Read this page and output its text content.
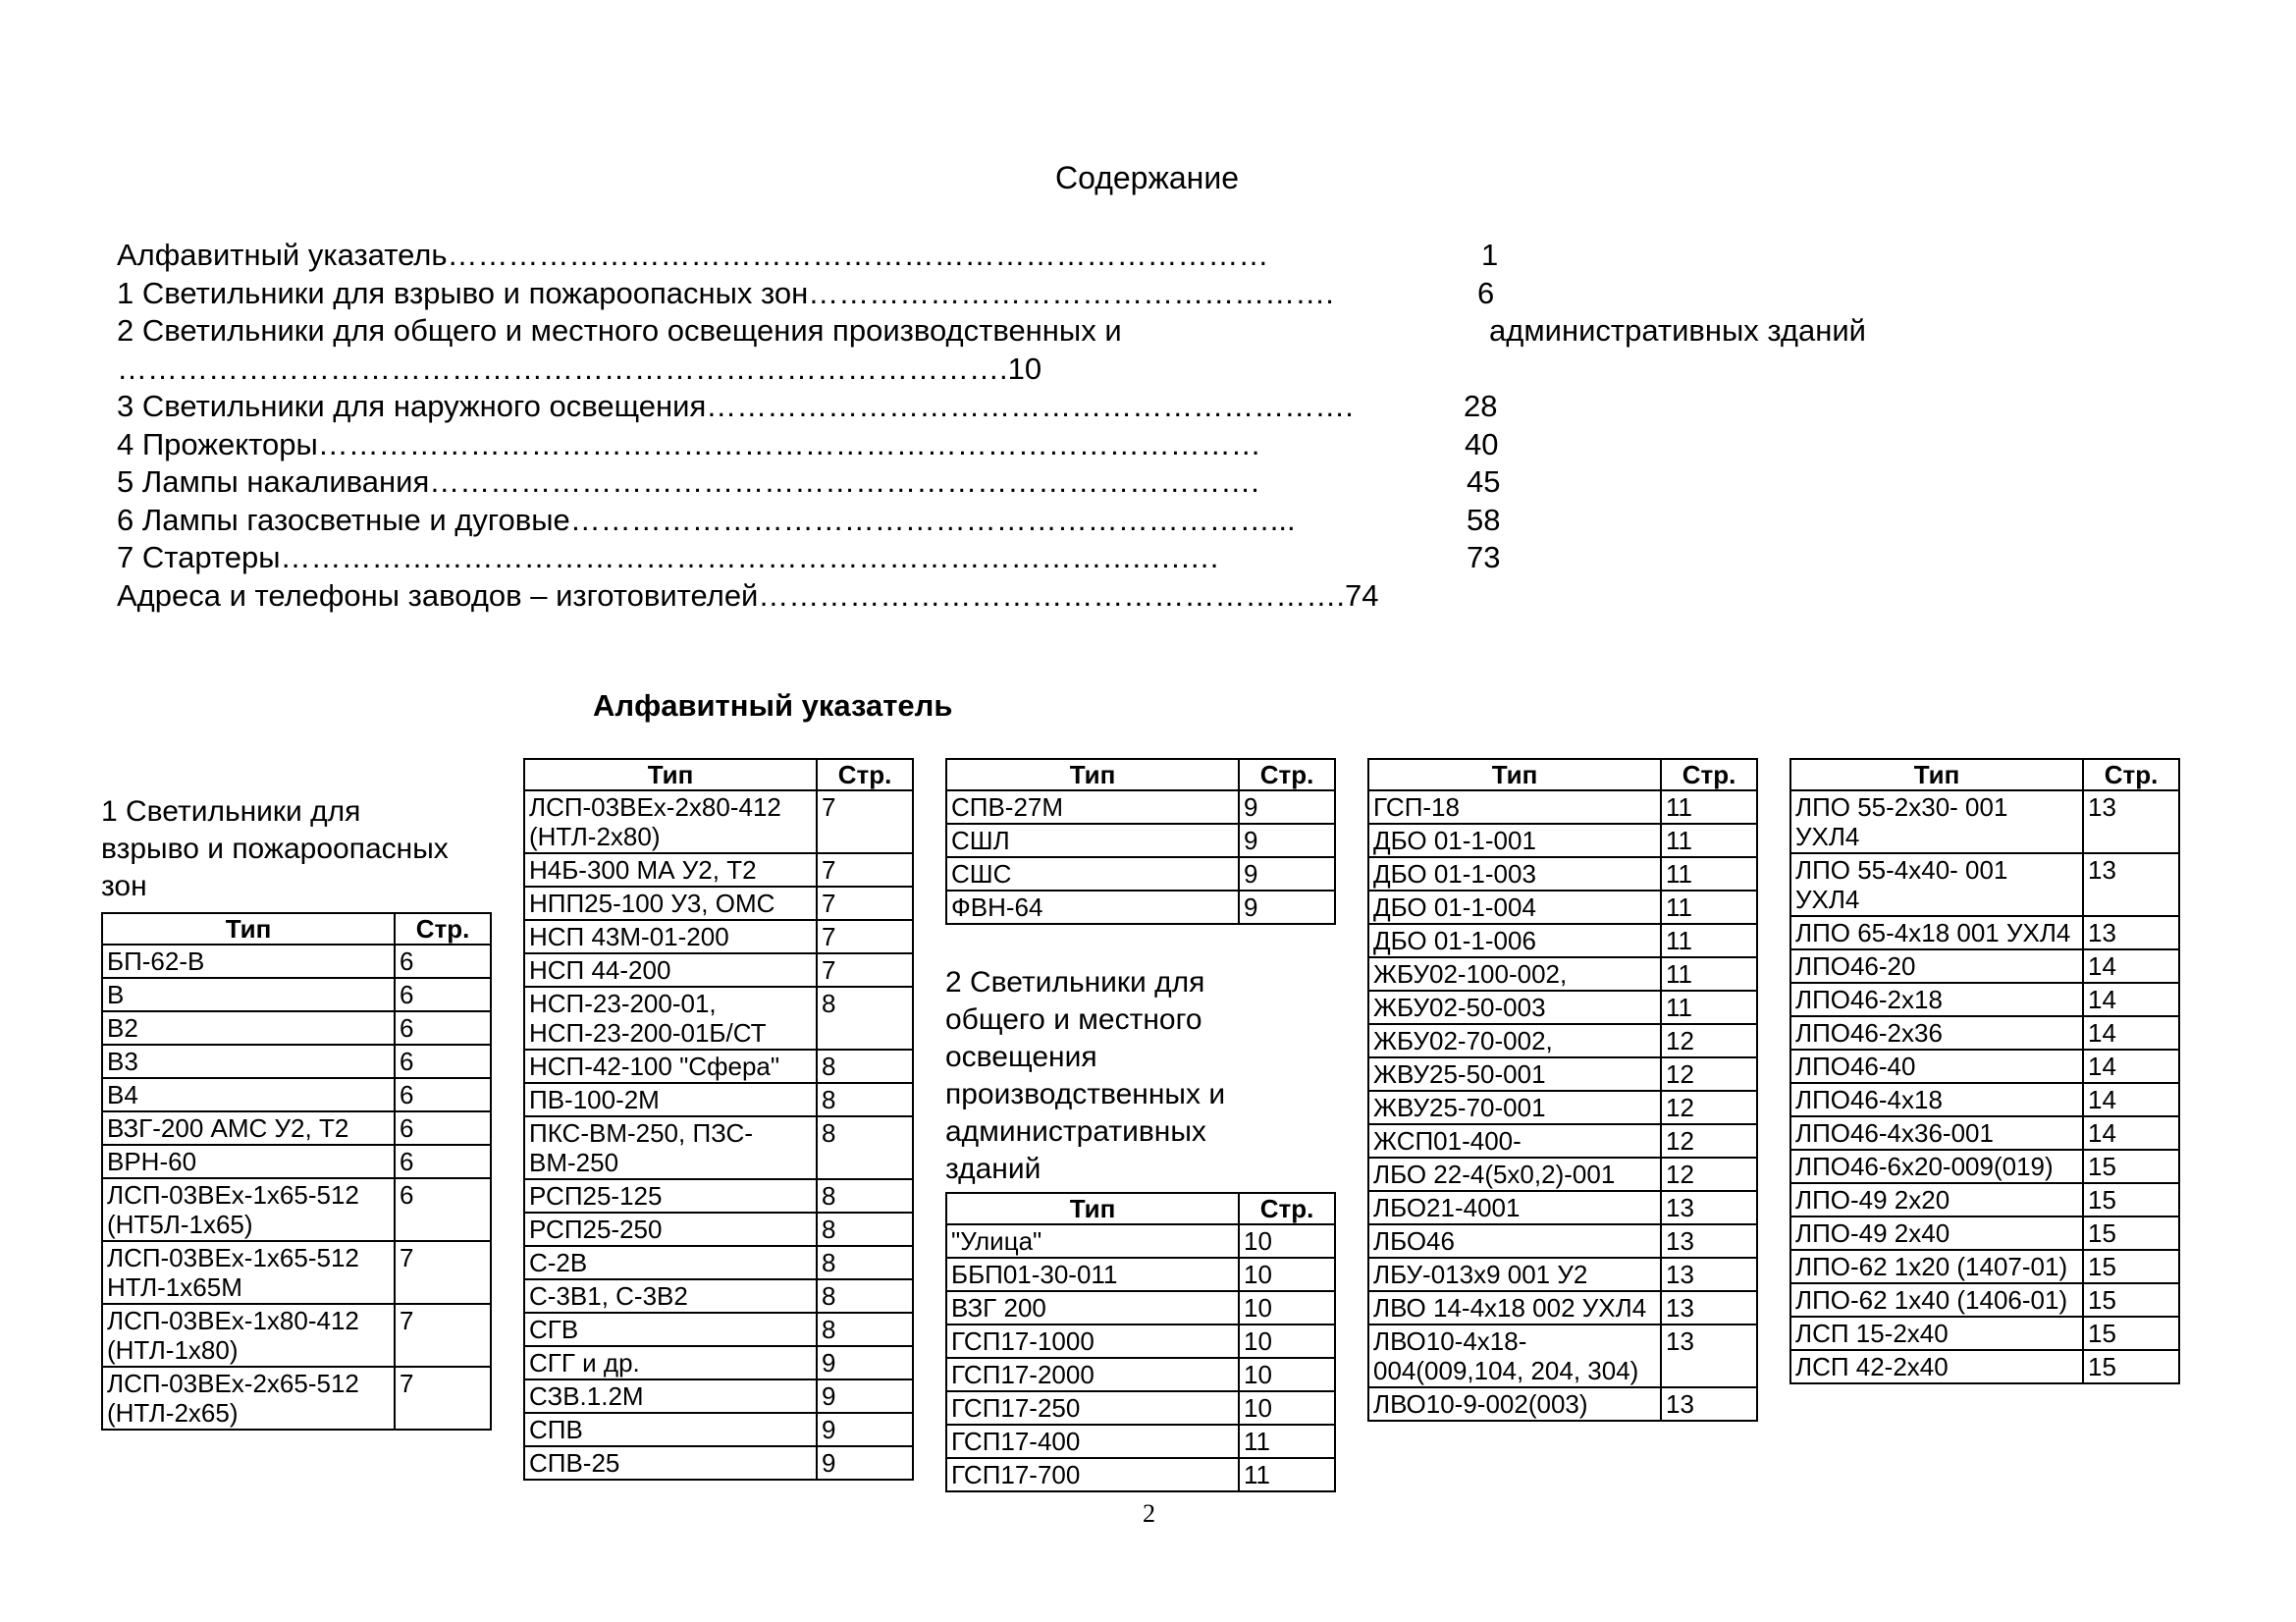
Содержание
Алфавитный указатель………………………………………………………………………	1
1 Светильники для взрыво и пожароопасных зон…………………………………………….	6
2 Светильники для общего и местного освещения производственных и	административных зданий
…………………………………………………………………………….10
3 Светильники для наружного освещения……………………………………………………….	28
4 Прожекторы…………………………………………………………………………………	40
5 Лампы накаливания……………………………………………………………………….	45
6 Лампы газосветные и дуговые……………………………………………………………...	58
7 Стартеры………………………………………………………………………….….….	73
Адреса и телефоны заводов – изготовителей………………………………………………….74
Алфавитный указатель
1 Светильники для взрыво и пожароопасных зон
2 Светильники для общего и местного освещения производственных и административных зданий
Тип	Стр.
БП-62-В	6
В	6
В2	6
В3	6
В4	6
ВЗГ-200 АМС У2, Т2	6
ВРН-60	6
ЛСП-03ВЕх-1х65-512 (НТ5Л-1х65)	6
ЛСП-03ВЕх-1х65-512 НТЛ-1х65М	7
ЛСП-03ВЕх-1х80-412 (НТЛ-1х80)	7
ЛСП-03ВЕх-2х65-512 (НТЛ-2х65)	7
Тип	Стр.
ЛСП-03ВЕх-2х80-412 (НТЛ-2х80)	7
Н4Б-300 МА У2, Т2	7
НПП25-100 У3, ОМС	7
НСП 43М-01-200	7
НСП 44-200	7
НСП-23-200-01, НСП-23-200-01Б/СТ	8
НСП-42-100 "Сфера"	8
ПВ-100-2М	8
ПКС-ВМ-250, ПЗС-ВМ-250	8
РСП25-125	8
РСП25-250	8
С-2В	8
С-3В1, С-3В2	8
СГВ	8
СГГ и др.	9
СЗВ.1.2М	9
СПВ	9
СПВ-25	9
Тип	Стр.
СПВ-27М	9
СШЛ	9
СШС	9
ФВН-64	9
Тип	Стр.
"Улица"	10
ББП01-30-011	10
ВЗГ 200	10
ГСП17-1000	10
ГСП17-2000	10
ГСП17-250	10
ГСП17-400	11
ГСП17-700	11
Тип	Стр.
ГСП-18	11
ДБО 01-1-001	11
ДБО 01-1-003	11
ДБО 01-1-004	11
ДБО 01-1-006	11
ЖБУ02-100-002,	11
ЖБУ02-50-003	11
ЖБУ02-70-002,	12
ЖВУ25-50-001	12
ЖВУ25-70-001	12
ЖСП01-400-	12
ЛБО 22-4(5х0,2)-001	12
ЛБО21-4001	13
ЛБО46	13
ЛБУ-013х9 001 У2	13
ЛВО 14-4х18 002 УХЛ4	13
ЛВО10-4х18-004(009,104, 204, 304)	13
ЛВО10-9-002(003)	13
Тип	Стр.
ЛПО 55-2х30- 001 УХЛ4	13
ЛПО 55-4х40- 001 УХЛ4	13
ЛПО 65-4х18 001 УХЛ4	13
ЛПО46-20	14
ЛПО46-2х18	14
ЛПО46-2х36	14
ЛПО46-40	14
ЛПО46-4х18	14
ЛПО46-4х36-001	14
ЛПО46-6х20-009(019)	15
ЛПО-49 2х20	15
ЛПО-49 2х40	15
ЛПО-62 1х20 (1407-01)	15
ЛПО-62 1х40 (1406-01)	15
ЛСП 15-2х40	15
ЛСП 42-2х40	15
2
